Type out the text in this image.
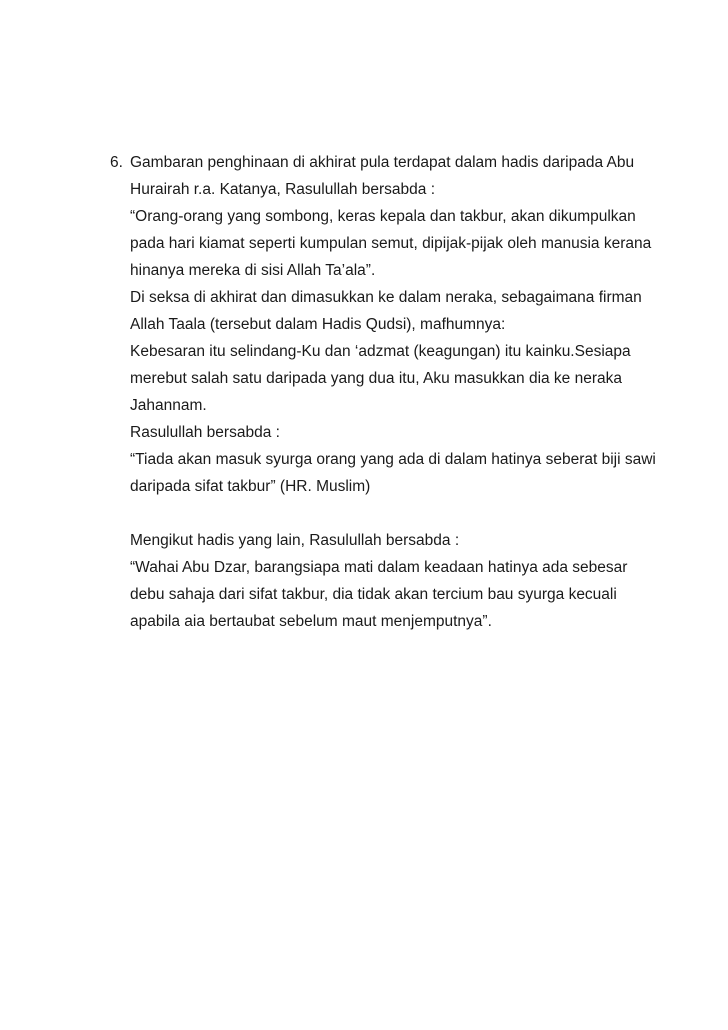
6. Gambaran penghinaan di akhirat pula terdapat dalam hadis daripada Abu
Hurairah r.a. Katanya, Rasulullah bersabda :
“Orang-orang yang sombong, keras kepala dan takbur, akan dikumpulkan
pada hari kiamat seperti kumpulan semut, dipijak-pijak oleh manusia kerana
hinanya mereka di sisi Allah Ta’ala”.
Di seksa di akhirat dan dimasukkan ke dalam neraka, sebagaimana firman
Allah Taala (tersebut dalam Hadis Qudsi), mafhumnya:
Kebesaran itu selindang-Ku dan ‘adzmat (keagungan) itu kainku.Sesiapa
merebut salah satu daripada yang dua itu, Aku masukkan dia ke neraka
Jahannam.
Rasulullah bersabda :
“Tiada akan masuk syurga orang yang ada di dalam hatinya seberat biji sawi
daripada sifat takbur” (HR. Muslim)
Mengikut hadis yang lain, Rasulullah bersabda :
“Wahai Abu Dzar, barangsiapa mati dalam keadaan hatinya ada sebesar
debu sahaja dari sifat takbur, dia tidak akan tercium bau syurga kecuali
apabila aia bertaubat sebelum maut menjemputnya”.
